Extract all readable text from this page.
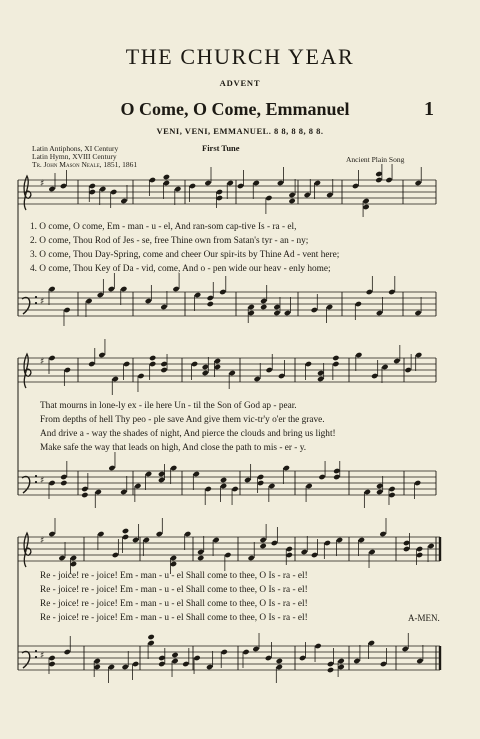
THE CHURCH YEAR
ADVENT
O Come, O Come, Emmanuel	1
VENI, VENI, EMMANUEL. 8 8, 8 8, 8 8.
Latin Antiphons, XI Century
Latin Hymn, XVIII Century
Tr. John Mason Neale, 1851, 1861
First Tune
Ancient Plain Song
♯
♯
♯
♯
♯
♯
1. O come, O come, Em - man - u - el, And ran-som cap-tive Is - ra - el,
2. O come, Thou Rod of Jes - se, free Thine own from Satan's tyr - an - ny;
3. O come, Thou Day-Spring, come and cheer Our spir-its by Thine Ad - vent here;
4. O come, Thou Key of Da - vid, come, And o - pen wide our heav - enly home;
That mourns in lone-ly ex - ile here Un - til the Son of God ap - pear.
From depths of hell Thy peo - ple save And give them vic-tr'y o'er the grave.
And drive a - way the shades of night, And pierce the clouds and bring us light!
Make safe the way that leads on high, And close the path to mis - er - y.
Re - joice! re - joice! Em - man - u - el Shall come to thee, O Is - ra - el!
Re - joice! re - joice! Em - man - u - el Shall come to thee, O Is - ra - el!
Re - joice! re - joice! Em - man - u - el Shall come to thee, O Is - ra - el!
Re - joice! re - joice! Em - man - u - el Shall come to thee, O Is - ra - el!	A-MEN.
